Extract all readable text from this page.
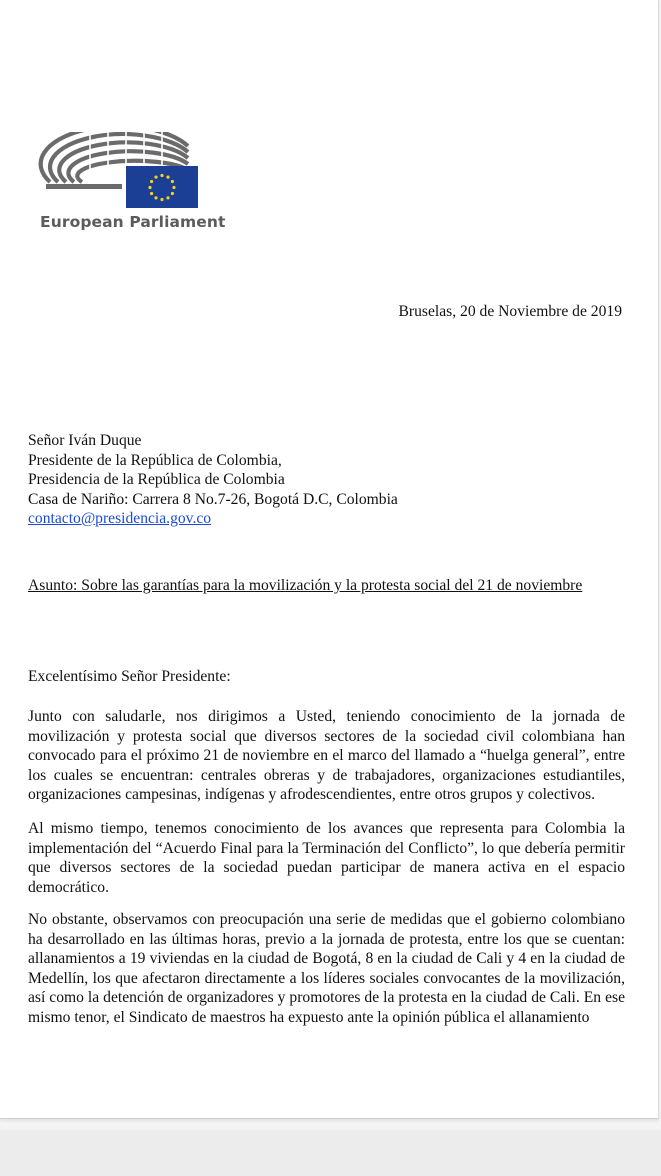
European Parliament
Bruselas, 20 de Noviembre de 2019
Señor Iván Duque
Presidente de la República de Colombia,
Presidencia de la República de Colombia
Casa de Nariño: Carrera 8 No.7-26, Bogotá D.C, Colombia
contacto@presidencia.gov.co
Asunto: Sobre las garantías para la movilización y la protesta social del 21 de noviembre
Excelentísimo Señor Presidente:

Junto con saludarle, nos dirigimos a Usted, teniendo conocimiento de la jornada de movilización y protesta social que diversos sectores de la sociedad civil colombiana han convocado para el próximo 21 de noviembre en el marco del llamado a “huelga general”, entre los cuales se encuentran: centrales obreras y de trabajadores, organizaciones estudiantiles, organizaciones campesinas, indígenas y afrodescendientes, entre otros grupos y colectivos.

Al mismo tiempo, tenemos conocimiento de los avances que representa para Colombia la implementación del “Acuerdo Final para la Terminación del Conflicto”, lo que debería permitir que diversos sectores de la sociedad puedan participar de manera activa en el espacio democrático.

No obstante, observamos con preocupación una serie de medidas que el gobierno colombiano ha desarrollado en las últimas horas, previo a la jornada de protesta, entre los que se cuentan: allanamientos a 19 viviendas en la ciudad de Bogotá, 8 en la ciudad de Cali y 4 en la ciudad de Medellín, los que afectaron directamente a los líderes sociales convocantes de la movilización, así como la detención de organizadores y promotores de la protesta en la ciudad de Cali. En ese mismo tenor, el Sindicato de maestros ha expuesto ante la opinión pública el allanamiento
